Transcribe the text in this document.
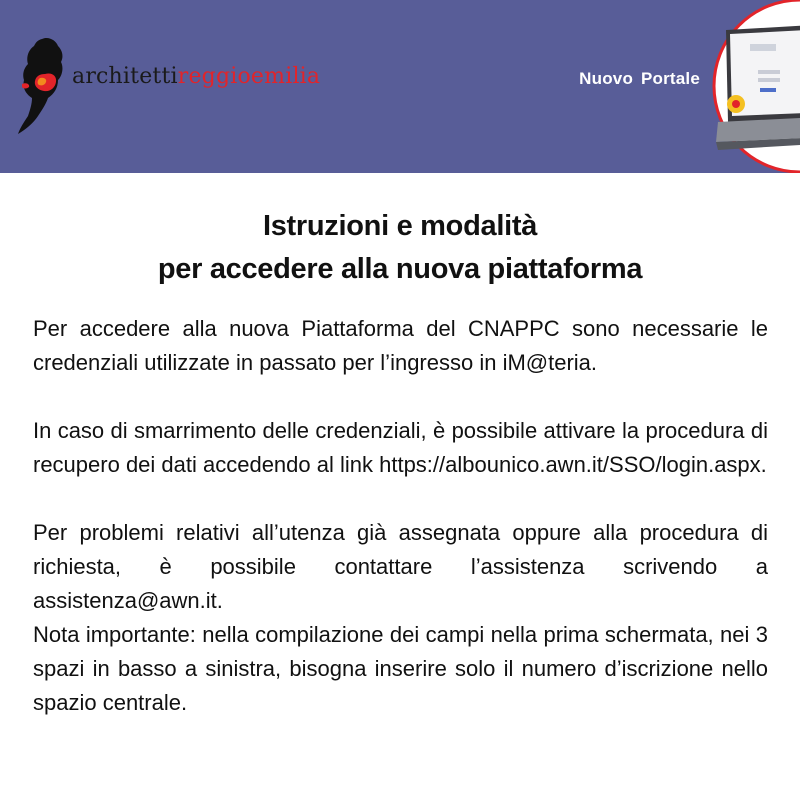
architettireggioemilia	Nuovo Portale
Istruzioni e modalità
per accedere alla nuova piattaforma

Per accedere alla nuova Piattaforma del CNAPPC sono necessarie le credenziali utilizzate in passato per l’ingresso in iM@teria.

In caso di smarrimento delle credenziali, è possibile attivare la procedura di recupero dei dati accedendo al link https://albounico.awn.it/SSO/login.aspx.

Per problemi relativi all’utenza già assegnata oppure alla procedura di richiesta, è possibile contattare l’assistenza scrivendo a assistenza@awn.it.

Nota importante: nella compilazione dei campi nella prima schermata, nei 3 spazi in basso a sinistra, bisogna inserire solo il numero d’iscrizione nello spazio centrale.
